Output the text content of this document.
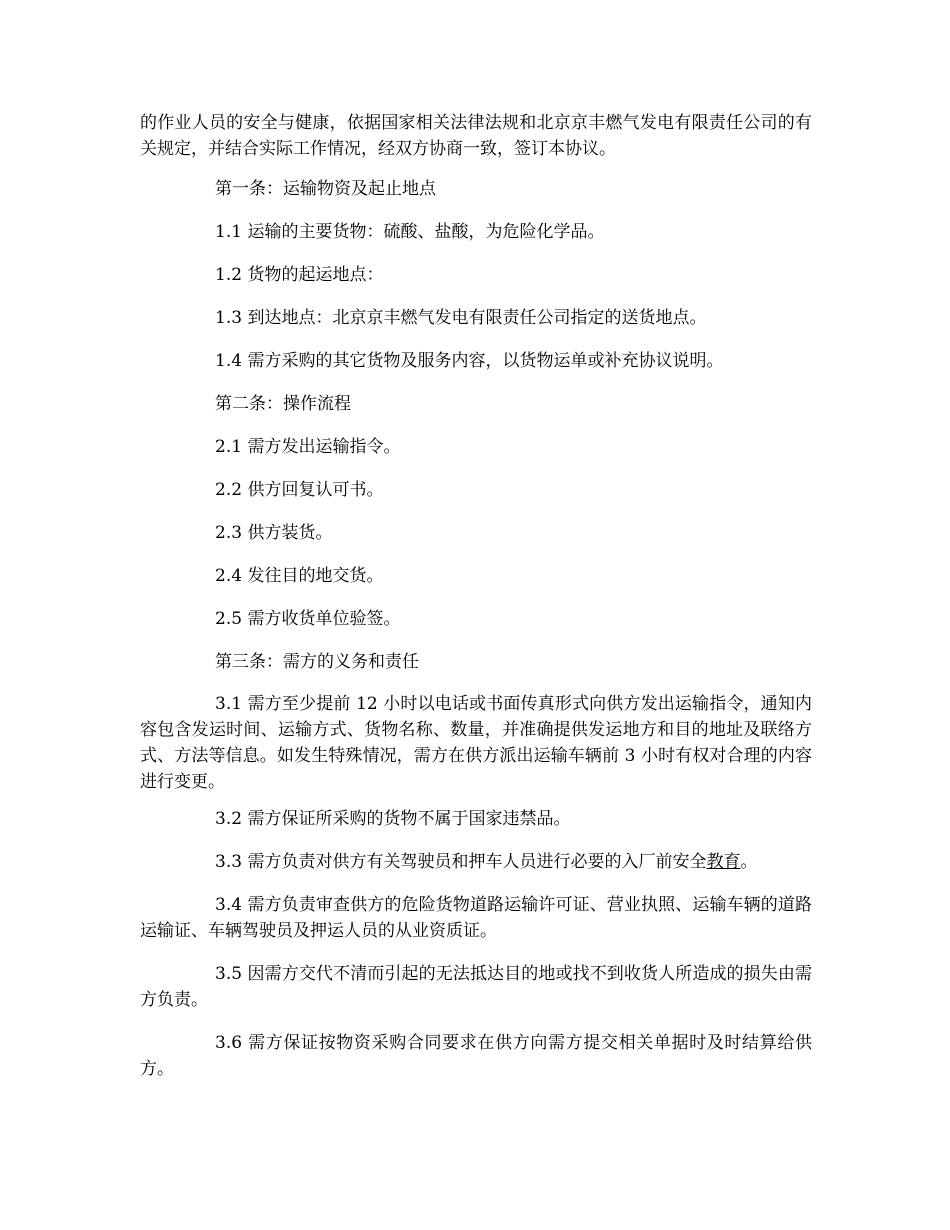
的作业人员的安全与健康，依据国家相关法律法规和北京京丰燃气发电有限责任公司的有关规定，并结合实际工作情况，经双方协商一致，签订本协议。

第一条：运输物资及起止地点

1.1 运输的主要货物：硫酸、盐酸，为危险化学品。

1.2 货物的起运地点：

1.3 到达地点：北京京丰燃气发电有限责任公司指定的送货地点。

1.4 需方采购的其它货物及服务内容，以货物运单或补充协议说明。

第二条：操作流程

2.1 需方发出运输指令。

2.2 供方回复认可书。

2.3 供方装货。

2.4 发往目的地交货。

2.5 需方收货单位验签。

第三条：需方的义务和责任

3.1 需方至少提前 12 小时以电话或书面传真形式向供方发出运输指令，通知内容包含发运时间、运输方式、货物名称、数量，并准确提供发运地方和目的地址及联络方式、方法等信息。如发生特殊情况，需方在供方派出运输车辆前 3 小时有权对合理的内容进行变更。

3.2 需方保证所采购的货物不属于国家违禁品。

3.3 需方负责对供方有关驾驶员和押车人员进行必要的入厂前安全教育。

3.4 需方负责审查供方的危险货物道路运输许可证、营业执照、运输车辆的道路运输证、车辆驾驶员及押运人员的从业资质证。

3.5 因需方交代不清而引起的无法抵达目的地或找不到收货人所造成的损失由需方负责。

3.6 需方保证按物资采购合同要求在供方向需方提交相关单据时及时结算给供方。
